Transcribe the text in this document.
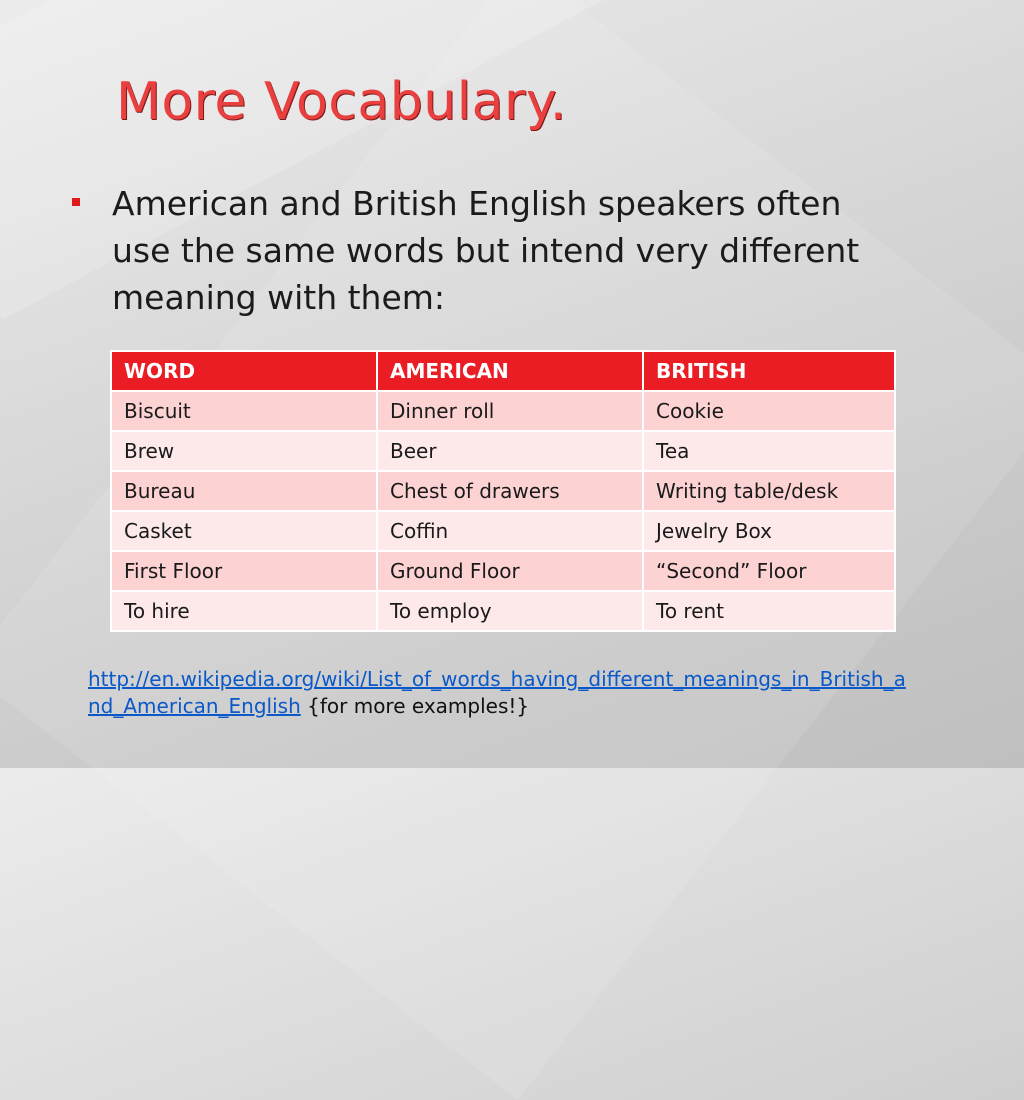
More Vocabulary.
American and British English speakers often use the same words but intend very different meaning with them:
WORD	AMERICAN	BRITISH
Biscuit	Dinner roll	Cookie
Brew	Beer	Tea
Bureau	Chest of drawers	Writing table/desk
Casket	Coffin	Jewelry Box
First Floor	Ground Floor	“Second” Floor
To hire	To employ	To rent
http://en.wikipedia.org/wiki/List_of_words_having_different_meanings_in_British_and_American_English {for more examples!}
